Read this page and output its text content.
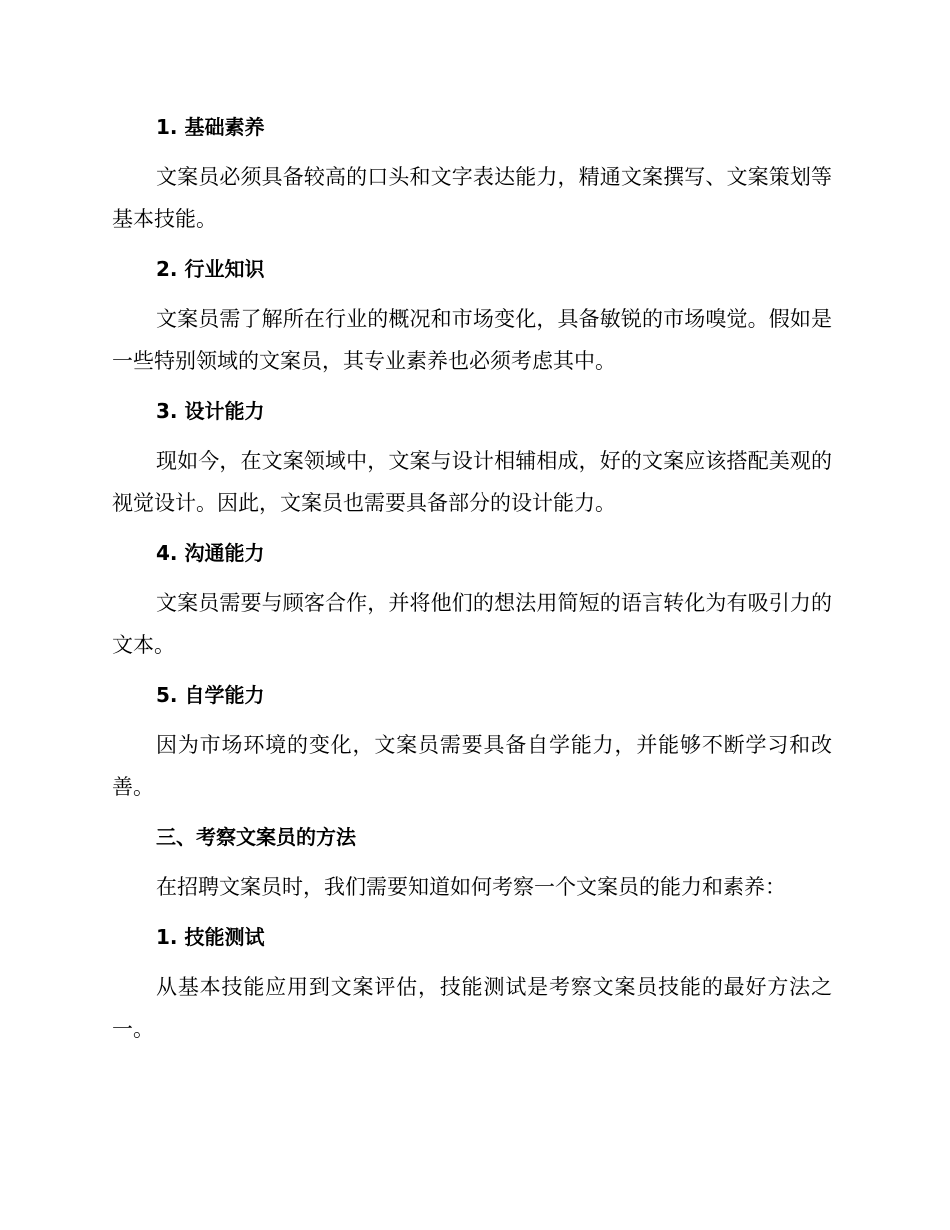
1. 基础素养

文案员必须具备较高的口头和文字表达能力，精通文案撰写、文案策划等基本技能。

2. 行业知识

文案员需了解所在行业的概况和市场变化，具备敏锐的市场嗅觉。假如是一些特别领域的文案员，其专业素养也必须考虑其中。

3. 设计能力

现如今，在文案领域中，文案与设计相辅相成，好的文案应该搭配美观的视觉设计。因此，文案员也需要具备部分的设计能力。

4. 沟通能力

文案员需要与顾客合作，并将他们的想法用简短的语言转化为有吸引力的文本。

5. 自学能力

因为市场环境的变化，文案员需要具备自学能力，并能够不断学习和改善。

三、考察文案员的方法

在招聘文案员时，我们需要知道如何考察一个文案员的能力和素养：

1. 技能测试

从基本技能应用到文案评估，技能测试是考察文案员技能的最好方法之一。
